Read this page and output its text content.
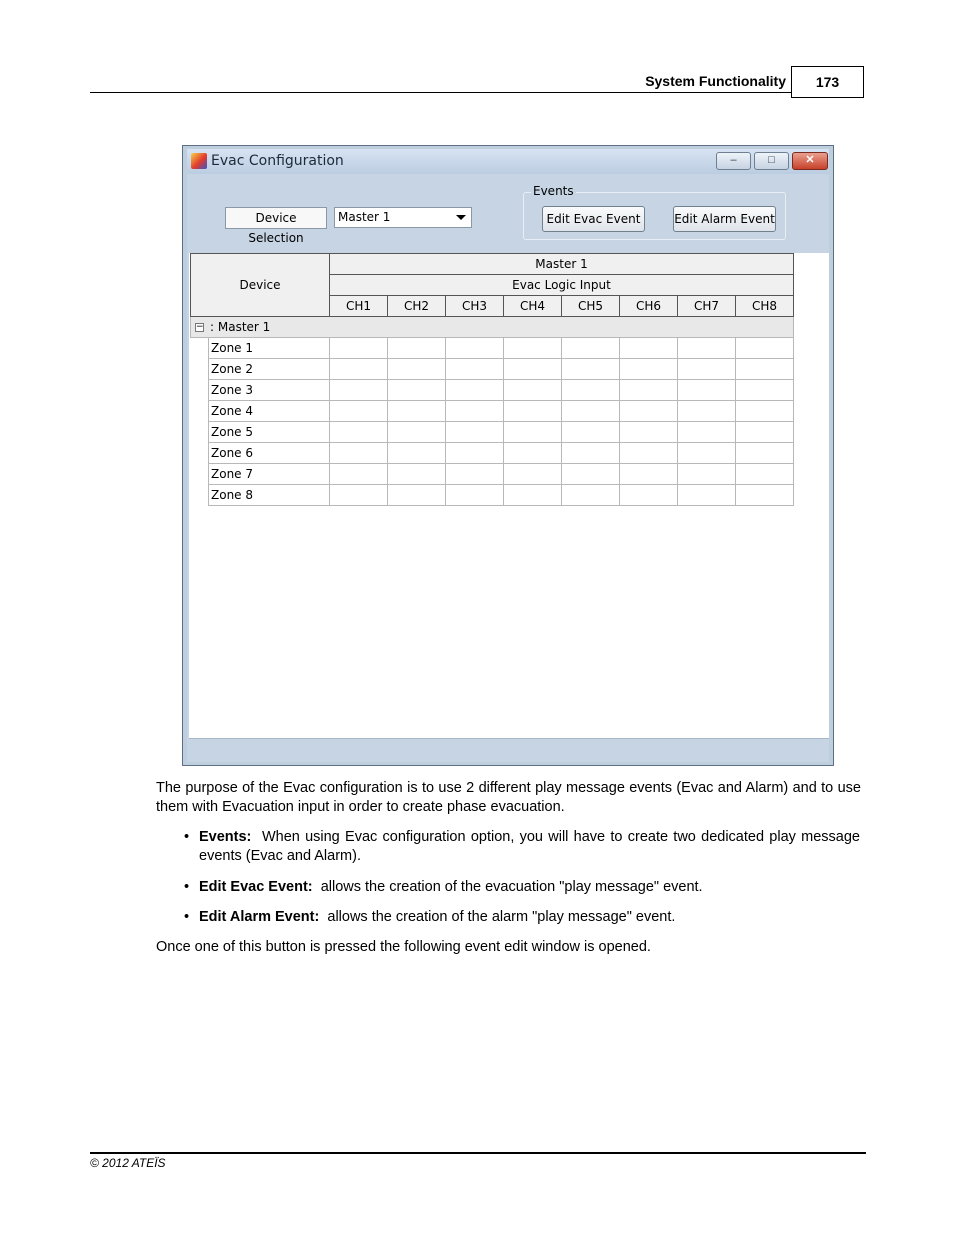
System Functionality	173
Evac Configuration	–	□	✕
Device Selection
Master 1
Events
Edit Evac Event	Edit Alarm Event
Device		Master 1							
		Evac Logic Input							
		CH1	CH2	CH3	CH4	CH5	CH6	CH7	CH8
− : Master 1									
	Zone 1								
	Zone 2								
	Zone 3								
	Zone 4								
	Zone 5								
	Zone 6								
	Zone 7								
	Zone 8								
The purpose of the Evac configuration is to use 2 different play message events (Evac and Alarm) and to use them with Evacuation input in order to create phase evacuation.
• Events: When using Evac configuration option, you will have to create two dedicated play message events (Evac and Alarm).
• Edit Evac Event: allows the creation of the evacuation "play message" event.
• Edit Alarm Event: allows the creation of the alarm "play message" event.
Once one of this button is pressed the following event edit window is opened.
© 2012 ATEÏS
